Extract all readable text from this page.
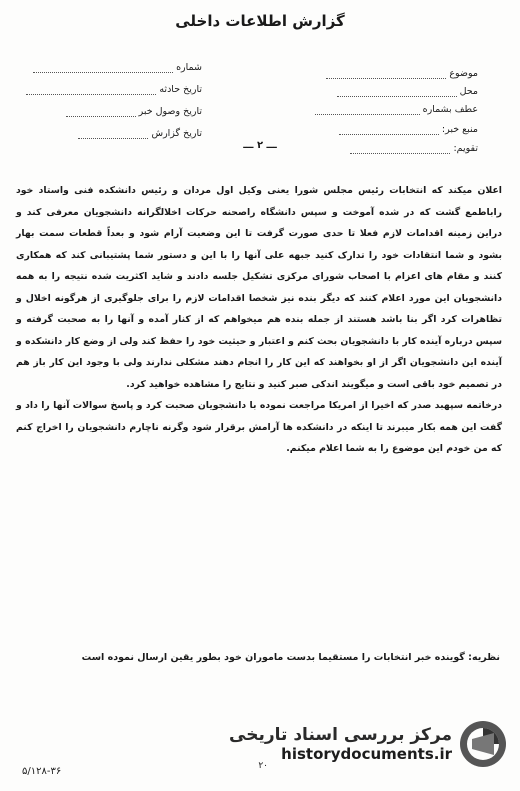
گزارش اطلاعات داخلی
موضوع
محل
عطف بشماره
منبع خبر:
تقویم:
شماره
تاریخ حادثه
تاریخ وصول خبر
تاریخ گزارش
ـــ ۲ ـــ

اعلان میکند که انتخابات رئیس مجلس شورا یعنی وکیل اول مردان و رئیس دانشکده فنی واستاد خود راباطمع گشت که در شده آموخت و سپس دانشگاه راصحنه حرکات اخلالگرانه دانشجویان معرفی کند و دراین زمینه اقدامات لازم فعلا تا حدی صورت گرفت تا این وضعیت آرام شود و بعداً قطعات سمت بهار بشود و شما انتقادات خود را تدارک کنید جبهه علی آنها را با این و دستور شما پشتیبانی کند که همکاری کنند و مقام های اعزام با اصحاب شورای مرکزی تشکیل جلسه دادند و شاید اکثریت شده نتیجه را به همه دانشجویان این مورد اعلام کنند که دیگر بنده نیز شخصا اقدامات لازم را برای جلوگیری از هرگونه اخلال و تظاهرات کرد اگر بنا باشد هستند از جمله بنده هم میخواهم که از کنار آمده و آنها را به صحبت گرفته و سپس درباره آینده کار با دانشجویان بحث کنم و اعتبار و حیثیت خود را حفظ کند ولی از وضع کار دانشکده و آینده این دانشجویان اگر از او بخواهند که این کار را انجام دهند مشکلی ندارند ولی با وجود این کار باز هم در تصمیم خود باقی است و میگویند اندکی صبر کنید و نتایج را مشاهده خواهید کرد.

درخاتمه سپهبد صدر که اخیرا از امریکا مراجعت نموده با دانشجویان صحبت کرد و پاسخ سوالات آنها را داد و گفت این همه بکار میبرند تا اینکه در دانشکده ها آرامش برقرار شود وگرنه ناچارم دانشجویان را اخراج کنم که من خودم این موضوع را به شما اعلام میکنم.

نظریه: گوینده خبر انتخابات را مستقیما بدست ماموران خود بطور یقین ارسال نموده است
۲۰
۵/۱۲۸-۳۶
مرکز بررسی اسناد تاریخی
historydocuments.ir
